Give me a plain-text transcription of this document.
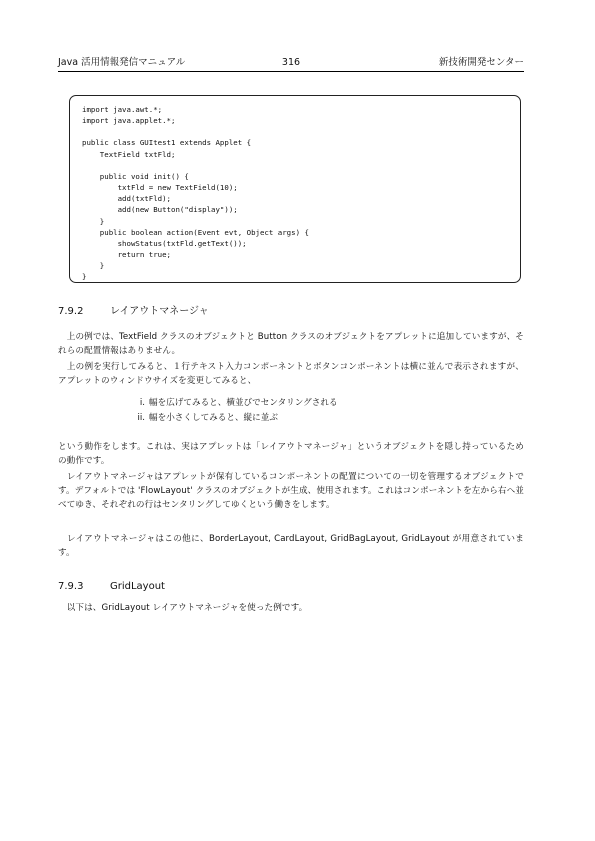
Java 活用情報発信マニュアル	316	新技術開発センター
import java.awt.*;
import java.applet.*;

public class GUItest1 extends Applet {
TextField txtFld;

public void init() {
txtFld = new TextField(10);
add(txtFld);
add(new Button("display"));
}
public boolean action(Event evt, Object args) {
showStatus(txtFld.getText());
return true;
}
}
7.9.2	レイアウトマネージャ

　上の例では、TextField クラスのオブジェクトと Button クラスのオブジェクトをアプレットに追加していますが、それらの配置情報はありません。

　上の例を実行してみると、１行テキスト入力コンポーネントとボタンコンポーネントは横に並んで表示されますが、アプレットのウィンドウサイズを変更してみると、

i. 幅を広げてみると、横並びでセンタリングされる
ii. 幅を小さくしてみると、縦に並ぶ

という動作をします。これは、実はアプレットは「レイアウトマネージャ」というオブジェクトを隠し持っているための動作です。

　レイアウトマネージャはアプレットが保有しているコンポーネントの配置についての一切を管理するオブジェクトです。デフォルトでは 'FlowLayout' クラスのオブジェクトが生成、使用されます。これはコンポーネントを左から右へ並べてゆき、それぞれの行はセンタリングしてゆくという働きをします。

　レイアウトマネージャはこの他に、BorderLayout, CardLayout, GridBagLayout, GridLayout が用意されています。

7.9.3	GridLayout

　以下は、GridLayout レイアウトマネージャを使った例です。
